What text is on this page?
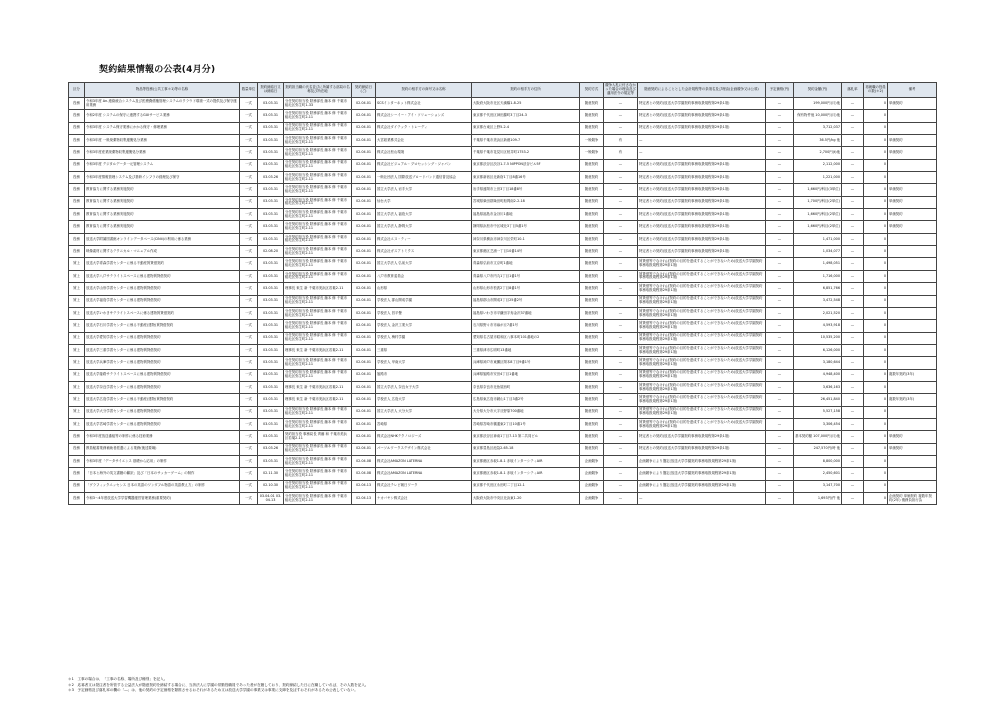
契約結果情報の公表(4月分)
区分	物品等役務(公共工事＊1)等の名称	数量単位	契約締結日又は締結日	契約担当職の氏名並びに所属する部局の名称及び所在地	契約締結日(ご)	契約の相手方の商号又は名称	契約の相手方の住所	契約方式	競争入札に付さなかった場合の理由及び適用法令の規定等	随意契約によることとした会計規程等の条項名及び理由(企画競争又は公募)	予定価格(円)	契約金額(円)	落札率	再就職の役員の数(＊2)	備考
役務	令和3年度 An-連絡統合システム及び医療費債権管理システムのクラウド環境一式の提供及び保守運用業務	一式	03.03.31	分任契約担当役 財務部長 藤本 修 千葉市稲毛区弥生町1-33	02.04.01	SCSインターネット株式会社	大阪府大阪市北区天満橋1-8-25	随意契約	—	特定者との契約(放送大学学園契約事務取扱規程第29条1項)	—	199,000円(月)他	—	0	単価契約
役務	令和2年度 システムの保守に連携するGUIサービス業務	一式	03.03.31	分任契約担当役 財務部長 藤本 修 千葉市稲毛区弥生町2-11	02.04.01	株式会社シーイー・アイ・ソリューションズ	東京都千代田区神田錦町3丁目24-3	随意契約	—	特定者との契約(放送大学学園契約事務取扱規程第29条1項)	—	保有物件他 10,000円(月)他	—	0	
役務	令和3年度 システム保守業務にかかる保守・修理業務	一式	03.03.31	分任契約担当役 財務部長 藤本 修 千葉市稲毛区弥生町2-11	02.04.01	株式会社ダイテック・トレーディ	東京都台東区上野5-2-4	随意契約	—	特定者との契約(放送大学学園契約事務取扱規程第29条1項)	—	3,712,037	—	0	
役務	令和3年度 一般廃棄物収集運搬処分業務	一式	03.03.31	分任契約担当役 財務部長 藤本 修 千葉市稲毛区弥生町2-11	02.04.01	大宮総業株式会社	千葉県千葉市美浜区新港109-7	一般競争	有	—	—	36.5円/kg 他	—	0	単価契約
役務	令和3年度産業廃棄物収集運搬処分業務	一式	03.03.31	分任契約担当役 財務部長 藤本 修 千葉市稲毛区弥生町2-11	02.04.01	株式会社松山環境	千葉県千葉市花見川区柏井町1753-2	一般競争	有	—	—	2,700円(t)他	—	0	単価契約
役務	令和3年度 デジタルデータ一元管理システム	一式	03.03.31	分任契約担当役 財務部長 藤本 修 千葉市稲毛区弥生町2-11	02.04.01	株式会社ビジュアル・プロセッシング・ジャパン	東京都渋谷区渋谷1-7-5 NIPPON渋谷ビル5F	随意契約	—	特定者との契約(放送大学学園契約事務取扱規程第29条1項)	—	2,112,000	—	0	
役務	令和3年度情報管理システム及び基幹インフラの経理及び保守	一式	03.03.26	分任契約担当役 財務部長 藤本 修 千葉市稲毛区弥生町2-11	02.04.01	一般社団法人 国際放送ブロードバンド通信普及協会	東京都新宿区北新宿1丁目8番16号	随意契約	—	特定者との契約(放送大学学園契約事務取扱規程第29条1項)	—	1,221,000	—	0	
役務	教育協力に関する業務実施契約	一式	03.03.31	分任契約担当役 財務部長 藤本 修 千葉市稲毛区弥生町2-11	02.04.01	国立大学法人 岩手大学	岩手県盛岡市上田3丁目18番8号	随意契約	—	特定者との契約(放送大学学園契約事務取扱規程第29条1項)	—	1,660円/科目(3単位)	—	0	単価契約
役務	教育協力に関する業務実施契約	一式	03.03.31	分任契約担当役 財務部長 藤本 修 千葉市稲毛区弥生町2-11	02.04.01	仙台大学	宮城県柴田郡柴田町船岡南2-2-18	随意契約	—	特定者との契約(放送大学学園契約事務取扱規程第29条1項)	—	1,700円/科目(2単位)	—	0	単価契約
役務	教育協力に関する業務実施契約	一式	03.03.31	分任契約担当役 財務部長 藤本 修 千葉市稲毛区弥生町2-11	02.04.01	国立大学法人 福島大学	福島県福島市金谷川1番地	随意契約	—	特定者との契約(放送大学学園契約事務取扱規程第29条1項)	—	1,660円/科目(2単位)	—	0	単価契約
役務	教育協力に関する業務実施契約	一式	03.03.31	分任契約担当役 財務部長 藤本 修 千葉市稲毛区弥生町2-11	02.04.01	国立大学法人 静岡大学	静岡県浜松市中区城北3丁目5番1号	随意契約	—	特定者との契約(放送大学学園契約事務取扱規程第29条1項)	—	1,660円/科目(2単位)	—	0	単価契約
役務	放送大学附属図書館オンラインデータベース(CiNii)の利用に係る業務	一式	03.03.31	分任契約担当役 財務部長 藤本 修 千葉市稲毛区弥生町2-11	02.04.01	株式会社エヌ・ティー	神奈川県横浜市神奈川区栄町10-1	随意契約	—	特定者との契約(放送大学学園契約事務取扱規程第29条1項)	—	1,471,000	—	0	
役務	映像素材に関するテクニカル・マニュアル作成	一式	02.08.20	分任契約担当役 財務部長 藤本 修 千葉市稲毛区弥生町2-11	02.04.01	株式会社ガスアトミクス	東京都港区芝浦一丁目10番14号	随意契約	—	特定者との契約(放送大学学園契約事務取扱規程第29条1項)	—	1,034,077	—	0	
賃上	放送大学青森学習センターに係る不動産賃貸借契約	一式	03.03.31	分任契約担当役 財務部長 藤本 修 千葉市稲毛区弥生町2-11	02.04.01	国立大学法人 弘前大学	青森県弘前市文京町1番地	随意契約	—	賃貸借等でなければ契約の目的を達成することができないため(放送大学学園契約事務取扱規程第29条1項)	—	1,498,051	—	0	
賃上	放送大学八戸サテライトスペースに係る建物賃貸借契約	一式	03.03.31	分任契約担当役 財務部長 藤本 修 千葉市稲毛区弥生町2-11	02.04.01	八戸市教育委員会	青森県八戸市内丸1丁目1番1号	随意契約	—	賃貸借等でなければ契約の目的を達成することができないため(放送大学学園契約事務取扱規程第29条1項)	—	1,716,000	—	0	
賃上	放送大学山形学習センターに係る建物賃貸借契約	一式	03.03.31	理事長 來生 新 千葉市美浜区若葉2-11	02.04.01	山形県	山形県山形市松波2丁目8番1号	随意契約	—	賃貸借等でなければ契約の目的を達成することができないため(放送大学学園契約事務取扱規程第29条1項)	—	6,851,766	—	0	
賃上	放送大学福島学習センターに係る建物賃貸借契約	一式	03.03.31	分任契約担当役 財務部長 藤本 修 千葉市稲毛区弥生町2-11	02.04.01	学校法人 郡山開成学園	福島県郡山市開成3丁目25番2号	随意契約	—	賃貸借等でなければ契約の目的を達成することができないため(放送大学学園契約事務取扱規程第29条1項)	—	3,472,548	—	0	
賃上	放送大学いわきサテライトスペースに係る建物賃貸借契約	一式	03.03.31	分任契約担当役 財務部長 藤本 修 千葉市稲毛区弥生町2-11	02.04.01	学校法人 昌平黌	福島県いわき市平鎌田字寿金沢37番地	随意契約	—	賃貸借等でなければ契約の目的を達成することができないため(放送大学学園契約事務取扱規程第29条1項)	—	2,021,520	—	0	
賃上	放送大学石川学習センターに係る不動産(建物)賃貸借契約	一式	03.03.31	分任契約担当役 財務部長 藤本 修 千葉市稲毛区弥生町2-11	02.04.01	学校法人 金沢工業大学	石川県野々市市扇が丘7番1号	随意契約	—	賃貸借等でなければ契約の目的を達成することができないため(放送大学学園契約事務取扱規程第29条1項)	—	4,593,918	—	0	
賃上	放送大学愛知学習センターに係る建物賃貸借契約	一式	03.03.31	分任契約担当役 財務部長 藤本 修 千葉市稲毛区弥生町2-11	02.04.01	学校法人 梅村学園	愛知県名古屋市昭和区八事本町101番地の2	随意契約	—	賃貸借等でなければ契約の目的を達成することができないため(放送大学学園契約事務取扱規程第29条1項)	—	10,535,200	—	0	
賃上	放送大学三重学習センターに係る建物賃貸借契約	一式	03.03.31	理事長 來生 新 千葉市美浜区若葉2-11	02.04.01	三重県	三重県津市広明町13番地	随意契約	—	賃貸借等でなければ契約の目的を達成することができないため(放送大学学園契約事務取扱規程第29条1項)	—	6,126,000	—	0	
賃上	放送大学兵庫学習センターに係る建物賃貸借契約	一式	03.03.31	分任契約担当役 財務部長 藤本 修 千葉市稲毛区弥生町2-11	02.04.01	学校法人 甲南大学	兵庫県神戸市東灘区岡本8丁目9番1号	随意契約	—	賃貸借等でなければ契約の目的を達成することができないため(放送大学学園契約事務取扱規程第29条1項)	—	3,180,644	—	0	
賃上	放送大学姫路サテライトスペースに係る建物賃貸借契約	一式	03.03.31	分任契約担当役 財務部長 藤本 修 千葉市稲毛区弥生町2-11	02.04.01	姫路市	兵庫県姫路市安田4丁目1番地	随意契約	—	賃貸借等でなければ契約の目的を達成することができないため(放送大学学園契約事務取扱規程第29条1項)	—	4,948,400	—	0	複数年契約(3年)
賃上	放送大学奈良学習センターに係る建物賃貸借契約	一式	03.03.31	理事長 來生 新 千葉市美浜区若葉2-11	02.04.01	国立大学法人 奈良女子大学	奈良県奈良市北魚屋西町	随意契約	—	賃貸借等でなければ契約の目的を達成することができないため(放送大学学園契約事務取扱規程第29条1項)	—	3,636,163	—	0	
賃上	放送大学広島学習センターに係る不動産(建物)賃貸借契約	一式	03.03.31	理事長 來生 新 千葉市美浜区若葉2-11	02.04.01	学校法人 広島大学	広島県東広島市鏡山1丁目3番2号	随意契約	—	賃貸借等でなければ契約の目的を達成することができないため(放送大学学園契約事務取扱規程第29条1項)	—	26,451,840	—	0	複数年契約(3年)
賃上	放送大学大分学習センターに係る建物賃貸借契約	一式	03.03.31	分任契約担当役 財務部長 藤本 修 千葉市稲毛区弥生町2-11	02.04.01	国立大学法人 大分大学	大分県大分市大字旦野原700番地	随意契約	—	賃貸借等でなければ契約の目的を達成することができないため(放送大学学園契約事務取扱規程第29条1項)	—	5,527,158	—	0	
賃上	放送大学宮崎学習センターに係る建物賃貸借契約	一式	03.03.31	分任契約担当役 財務部長 藤本 修 千葉市稲毛区弥生町2-11	02.04.01	宮崎県	宮崎県宮崎市橘通東2丁目10番1号	随意契約	—	賃貸借等でなければ契約の目的を達成することができないため(放送大学学園契約事務取扱規程第29条1項)	—	3,306,454	—	0	
役務	令和3年度放送番組等の制作に係る技術業務	一式	03.03.31	契約担当役 事務局長 齊藤 和 千葉市美浜区若葉2-11	02.04.01	株式会社NHKテクノロジーズ	東京都渋谷区神南1丁目7-13 第二共同ビル	随意契約	—	特定者との契約(放送大学学園契約事務取扱規程第29条1項)	—	基本契約額 107,000円(月)他	—	0	単価契約
役務	教員秘書業務補助者派遣による業務(後述要綱)	一式	03.03.26	分任契約担当役 財務部長 藤本 修 千葉市稲毛区弥生町2-11	02.04.01	パーソルワークスデザイン株式会社	東京都豊島区池袋2-65-18	随意契約	—	特定者との契約(放送大学学園契約事務取扱規程第29条1項)	—	247,570円/時 他	—	0	単価契約
役務	令和3年度「データサイエンス 基礎から応用」の制作	一式	03.03.31	分任契約担当役 財務部長 藤本 修 千葉市稲毛区弥生町2-11	02.04.08	株式会社AMAZON LATERNA	東京都港区赤坂1-8-1 赤坂インターシティAIR	企画競争	—	企画競争により選定(放送大学学園契約事務取扱規程第29条1項)	—	8,800,000	—	0	
役務	「日本と海外の英文書籍の翻訳」及び「日本のサッカーゲーム」の制作	一式	02.11.30	分任契約担当役 財務部長 藤本 修 千葉市稲毛区弥生町2-11	02.04.08	株式会社AMAZON LATERNA	東京都港区赤坂1-8-1 赤坂インターシティAIR	企画競争	—	企画競争により選定(放送大学学園契約事務取扱規程第29条1項)	—	2,450,601	—	0	
役務	「グラフィックエッセンス 日本の英語のワンダフル物語の英語教え方」の制作	一式	02.10.30	分任契約担当役 財務部長 藤本 修 千葉市稲毛区弥生町2-11	02.04.13	株式会社テレビ朝日ワーク	東京都千代田区永田町二丁目12-1	企画競争	—	企画競争により選定(放送大学学園契約事務取扱規程第29条1項)	—	3,147,700	—	0	
役務	令和3～4年度放送大学学習機器運営管理業務(重要契約)	一式	03.04.01 03.04.13	分任契約担当役 財務部長 藤本 修 千葉市稲毛区弥生町2-11	02.04.13	ナカバヤシ株式会社	大阪府大阪市中央区北浜東1-20	企画競争	—	—	—	1,693円/件 他	—	0	企画契約 単価契約 複数年契約(2年) 債務負担行為
＊1　工事の場合は、「工事の名称、場所及び種別」を記入。
＊2　応募者又は発注者を所管する公益法人が随意契約を締結する場合に、当該法人に学園の常勤役職員であった者が在籍しており、契約締結した日に在職していれば、その人数を記入。
＊3　予定価格及び落札率の欄の「―」は、他の契約の予定価格を類推させるおそれがあるため又は放送大学学園の事業又は事業に支障を及ぼすおそれがあるため公表していない。
